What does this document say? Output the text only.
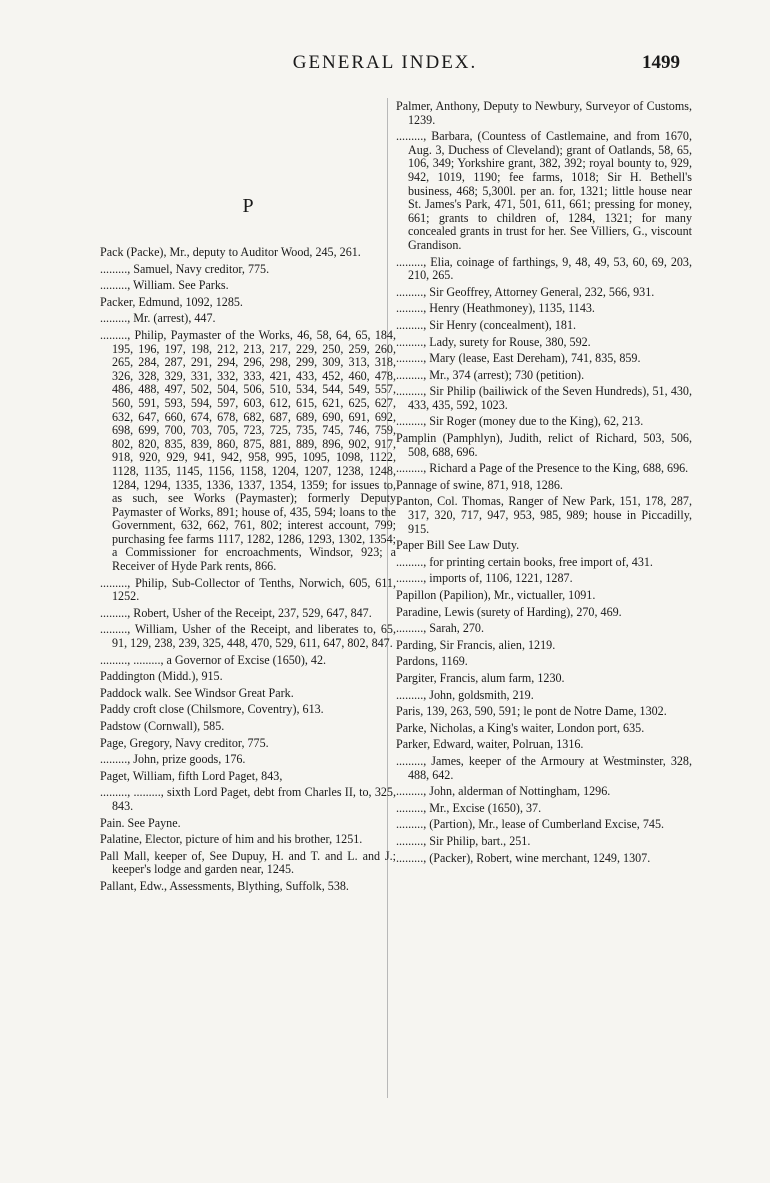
GENERAL INDEX.	1499
P
Pack (Packe), Mr., deputy to Auditor Wood, 245, 261.
........., Samuel, Navy creditor, 775.
........., William. See Parks.
Packer, Edmund, 1092, 1285.
........., Mr. (arrest), 447.
........., Philip, Paymaster of the Works, 46, 58, 64, 65, 184, 195, 196, 197, 198, 212, 213, 217, 229, 250, 259, 260, 265, 284, 287, 291, 294, 296, 298, 299, 309, 313, 318, 326, 328, 329, 331, 332, 333, 421, 433, 452, 460, 478, 486, 488, 497, 502, 504, 506, 510, 534, 544, 549, 557, 560, 591, 593, 594, 597, 603, 612, 615, 621, 625, 627, 632, 647, 660, 674, 678, 682, 687, 689, 690, 691, 692, 698, 699, 700, 703, 705, 723, 725, 735, 745, 746, 759, 802, 820, 835, 839, 860, 875, 881, 889, 896, 902, 917, 918, 920, 929, 941, 942, 958, 995, 1095, 1098, 1122, 1128, 1135, 1145, 1156, 1158, 1204, 1207, 1238, 1248, 1284, 1294, 1335, 1336, 1337, 1354, 1359; for issues to, as such, see Works (Paymaster); formerly Deputy Paymaster of Works, 891; house of, 435, 594; loans to the Government, 632, 662, 761, 802; interest account, 799; purchasing fee farms 1117, 1282, 1286, 1293, 1302, 1354; a Commissioner for encroachments, Windsor, 923; a Receiver of Hyde Park rents, 866.
........., Philip, Sub-Collector of Tenths, Norwich, 605, 611, 1252.
........., Robert, Usher of the Receipt, 237, 529, 647, 847.
........., William, Usher of the Receipt, and liberates to, 65, 91, 129, 238, 239, 325, 448, 470, 529, 611, 647, 802, 847.
........., ........., a Governor of Excise (1650), 42.
Paddington (Midd.), 915.
Paddock walk. See Windsor Great Park.
Paddy croft close (Chilsmore, Coventry), 613.
Padstow (Cornwall), 585.
Page, Gregory, Navy creditor, 775.
........., John, prize goods, 176.
Paget, William, fifth Lord Paget, 843,
........., ........., sixth Lord Paget, debt from Charles II, to, 325, 843.
Pain. See Payne.
Palatine, Elector, picture of him and his brother, 1251.
Pall Mall, keeper of, See Dupuy, H. and T. and L. and J.; keeper's lodge and garden near, 1245.
Pallant, Edw., Assessments, Blything, Suffolk, 538.
Palmer, Anthony, Deputy to Newbury, Surveyor of Customs, 1239.
........., Barbara, (Countess of Castlemaine, and from 1670, Aug. 3, Duchess of Cleveland); grant of Oatlands, 58, 65, 106, 349; Yorkshire grant, 382, 392; royal bounty to, 929, 942, 1019, 1190; fee farms, 1018; Sir H. Bethell's business, 468; 5,300l. per an. for, 1321; little house near St. James's Park, 471, 501, 611, 661; pressing for money, 661; grants to children of, 1284, 1321; for many concealed grants in trust for her. See Villiers, G., viscount Grandison.
........., Elia, coinage of farthings, 9, 48, 49, 53, 60, 69, 203, 210, 265.
........., Sir Geoffrey, Attorney General, 232, 566, 931.
........., Henry (Heathmoney), 1135, 1143.
........., Sir Henry (concealment), 181.
........., Lady, surety for Rouse, 380, 592.
........., Mary (lease, East Dereham), 741, 835, 859.
........., Mr., 374 (arrest); 730 (petition).
........., Sir Philip (bailiwick of the Seven Hundreds), 51, 430, 433, 435, 592, 1023.
........., Sir Roger (money due to the King), 62, 213.
Pamplin (Pamphlyn), Judith, relict of Richard, 503, 506, 508, 688, 696.
........., Richard a Page of the Presence to the King, 688, 696.
Pannage of swine, 871, 918, 1286.
Panton, Col. Thomas, Ranger of New Park, 151, 178, 287, 317, 320, 717, 947, 953, 985, 989; house in Piccadilly, 915.
Paper Bill See Law Duty.
........., for printing certain books, free import of, 431.
........., imports of, 1106, 1221, 1287.
Papillon (Papilion), Mr., victualler, 1091.
Paradine, Lewis (surety of Harding), 270, 469.
........., Sarah, 270.
Parding, Sir Francis, alien, 1219.
Pardons, 1169.
Pargiter, Francis, alum farm, 1230.
........., John, goldsmith, 219.
Paris, 139, 263, 590, 591; le pont de Notre Dame, 1302.
Parke, Nicholas, a King's waiter, London port, 635.
Parker, Edward, waiter, Polruan, 1316.
........., James, keeper of the Armoury at Westminster, 328, 488, 642.
........., John, alderman of Nottingham, 1296.
........., Mr., Excise (1650), 37.
........., (Partion), Mr., lease of Cumberland Excise, 745.
........., Sir Philip, bart., 251.
........., (Packer), Robert, wine merchant, 1249, 1307.
